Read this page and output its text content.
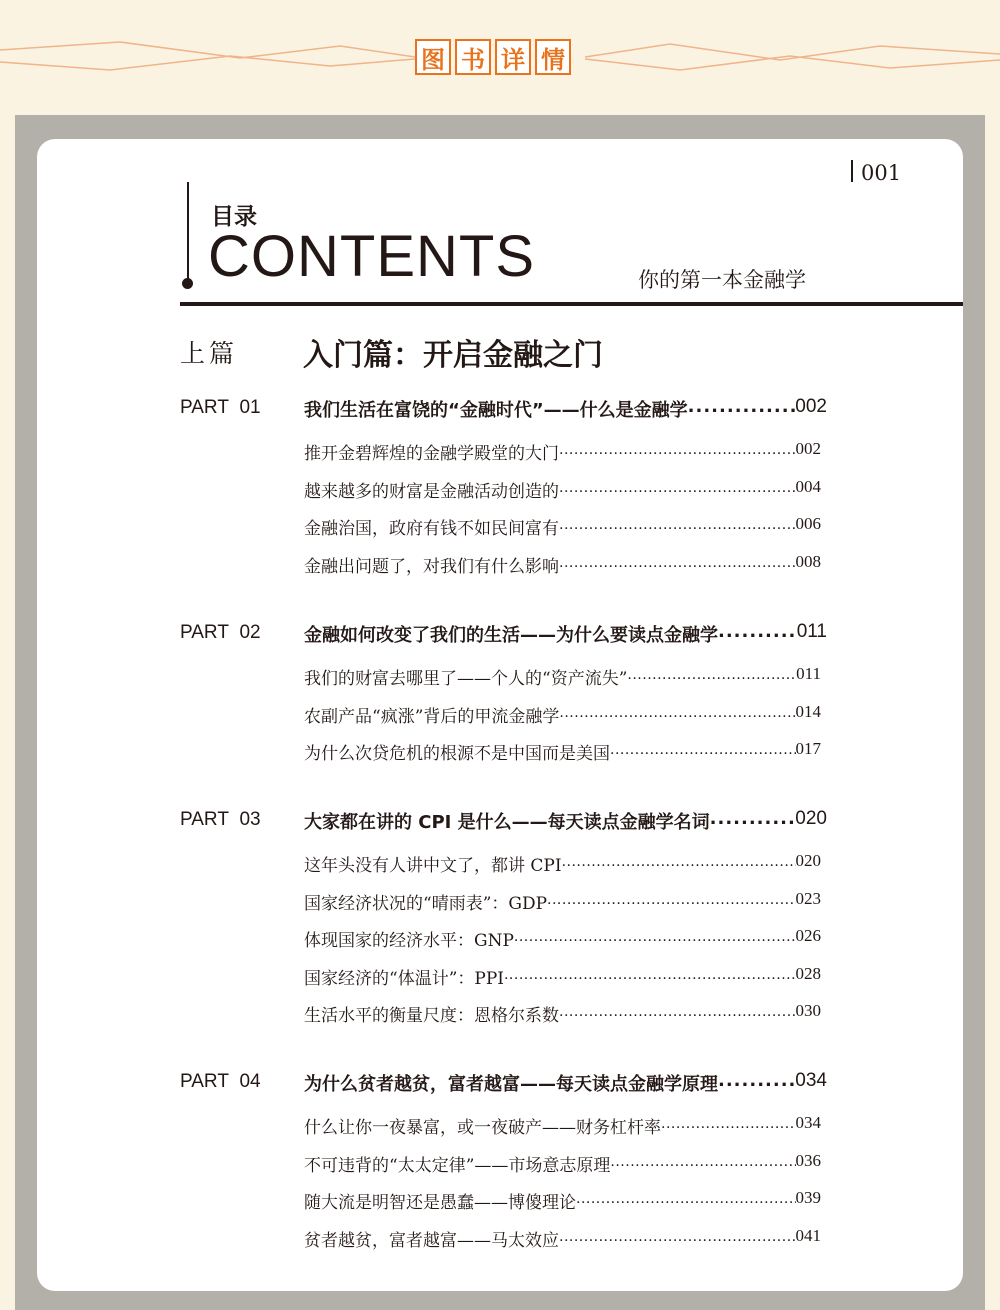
图 书 详 情
001
目录
CONTENTS	你的第一本金融学
上篇 入门篇：开启金融之门
PART  01 我们生活在富饶的“金融时代”——什么是金融学 .....	002
推开金碧辉煌的金融学殿堂的大门 .....	002
越来越多的财富是金融活动创造的 .....	004
金融治国，政府有钱不如民间富有 .....	006
金融出问题了，对我们有什么影响 .....	008
PART  02 金融如何改变了我们的生活——为什么要读点金融学 .....	011
我们的财富去哪里了——个人的“资产流失” .....	011
农副产品“疯涨”背后的甲流金融学 .....	014
为什么次贷危机的根源不是中国而是美国 .....	017
PART  03 大家都在讲的 CPI 是什么——每天读点金融学名词 .....	020
这年头没有人讲中文了，都讲 CPI .....	020
国家经济状况的“晴雨表”：GDP .....	023
体现国家的经济水平：GNP .....	026
国家经济的“体温计”：PPI .....	028
生活水平的衡量尺度：恩格尔系数 .....	030
PART  04 为什么贫者越贫，富者越富——每天读点金融学原理 .....	034
什么让你一夜暴富，或一夜破产——财务杠杆率 .....	034
不可违背的“太太定律”——市场意志原理 .....	036
随大流是明智还是愚蠢——博傻理论 .....	039
贫者越贫，富者越富——马太效应 .....	041
